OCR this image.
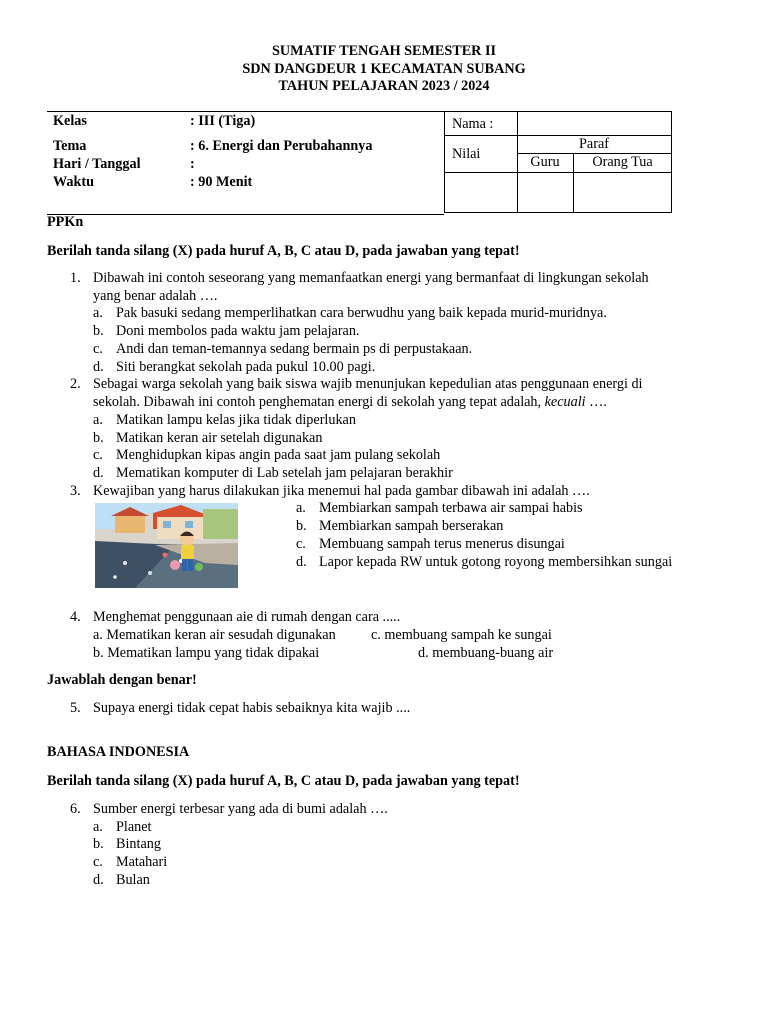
SUMATIF TENGAH SEMESTER II
SDN DANGDEUR 1 KECAMATAN SUBANG
TAHUN PELAJARAN 2023 / 2024
Kelas	: III (Tiga)
Tema	: 6. Energi dan Perubahannya
Hari / Tanggal	:
Waktu	: 90 Menit
Nama :
Nilai
Paraf
Guru	Orang Tua
PPKn
Berilah tanda silang (X) pada huruf A, B, C atau D, pada jawaban yang tepat!
1. Dibawah ini contoh seseorang yang memanfaatkan energi yang bermanfaat di lingkungan sekolah
yang benar adalah ….
a. Pak basuki sedang memperlihatkan cara berwudhu yang baik kepada murid-muridnya.
b. Doni membolos pada waktu jam pelajaran.
c. Andi dan teman-temannya sedang bermain ps di perpustakaan.
d. Siti berangkat sekolah pada pukul 10.00 pagi.
2. Sebagai warga sekolah yang baik siswa wajib menunjukan kepedulian atas penggunaan energi di
sekolah. Dibawah ini contoh penghematan energi di sekolah yang tepat adalah, kecuali ….
a. Matikan lampu kelas jika tidak diperlukan
b. Matikan keran air setelah digunakan
c. Menghidupkan kipas angin pada saat jam pulang sekolah
d. Mematikan komputer di Lab setelah jam pelajaran berakhir
3. Kewajiban yang harus dilakukan jika menemui hal pada gambar dibawah ini adalah ….
a. Membiarkan sampah terbawa air sampai habis
b. Membiarkan sampah berserakan
c. Membuang sampah terus menerus disungai
d. Lapor kepada RW untuk gotong royong membersihkan sungai
4. Menghemat penggunaan aie di rumah dengan cara .....
a. Mematikan keran air sesudah digunakan c. membuang sampah ke sungai
b. Mematikan lampu yang tidak dipakai	d. membuang-buang air
Jawablah dengan benar!
5. Supaya energi tidak cepat habis sebaiknya kita wajib ....
BAHASA INDONESIA
Berilah tanda silang (X) pada huruf A, B, C atau D, pada jawaban yang tepat!
6. Sumber energi terbesar yang ada di bumi adalah ….
a. Planet
b. Bintang
c. Matahari
d. Bulan
